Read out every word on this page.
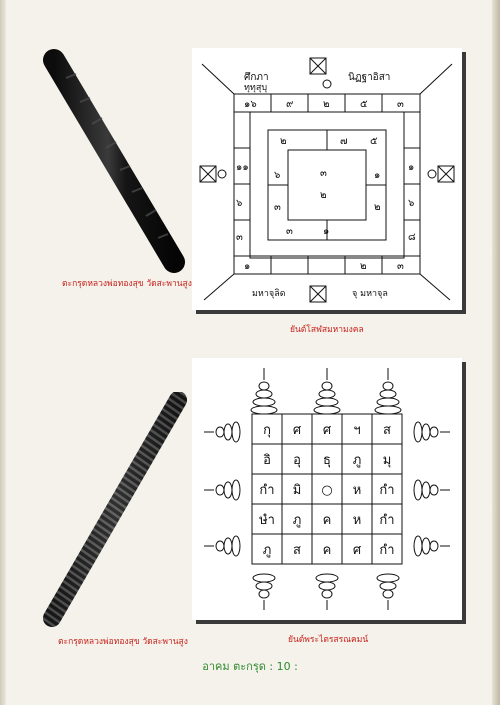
ตะกรุดหลวงพ่อทองสุข วัดสะพานสูง
ศึกภา	นิฏฐาอิสา
ทุทุสุบุ
มหาจุลิด	จุ มหาจุล
๑๖	๙	๒	๕	๓
๑๑
๒	๗ ๕
๑
๖
๖	๓	๑
๖
๓
๓
๒
๒
๘
๑
๓	๑
๒	๓
ยันต์โสฬสมหามงคล
ตะกรุดหลวงพ่อทองสุข วัดสะพานสูง
กุ ศ ศ ฯ ส
อิ อุ ธุ ภู มุ
กํา มิ ○ ห กํา
ษํา ภู ค ห กํา
ภู ส ค ศ กํา
ยันต์พระไตรสรณคมน์
อาคม ตะกรุด : 10 :
